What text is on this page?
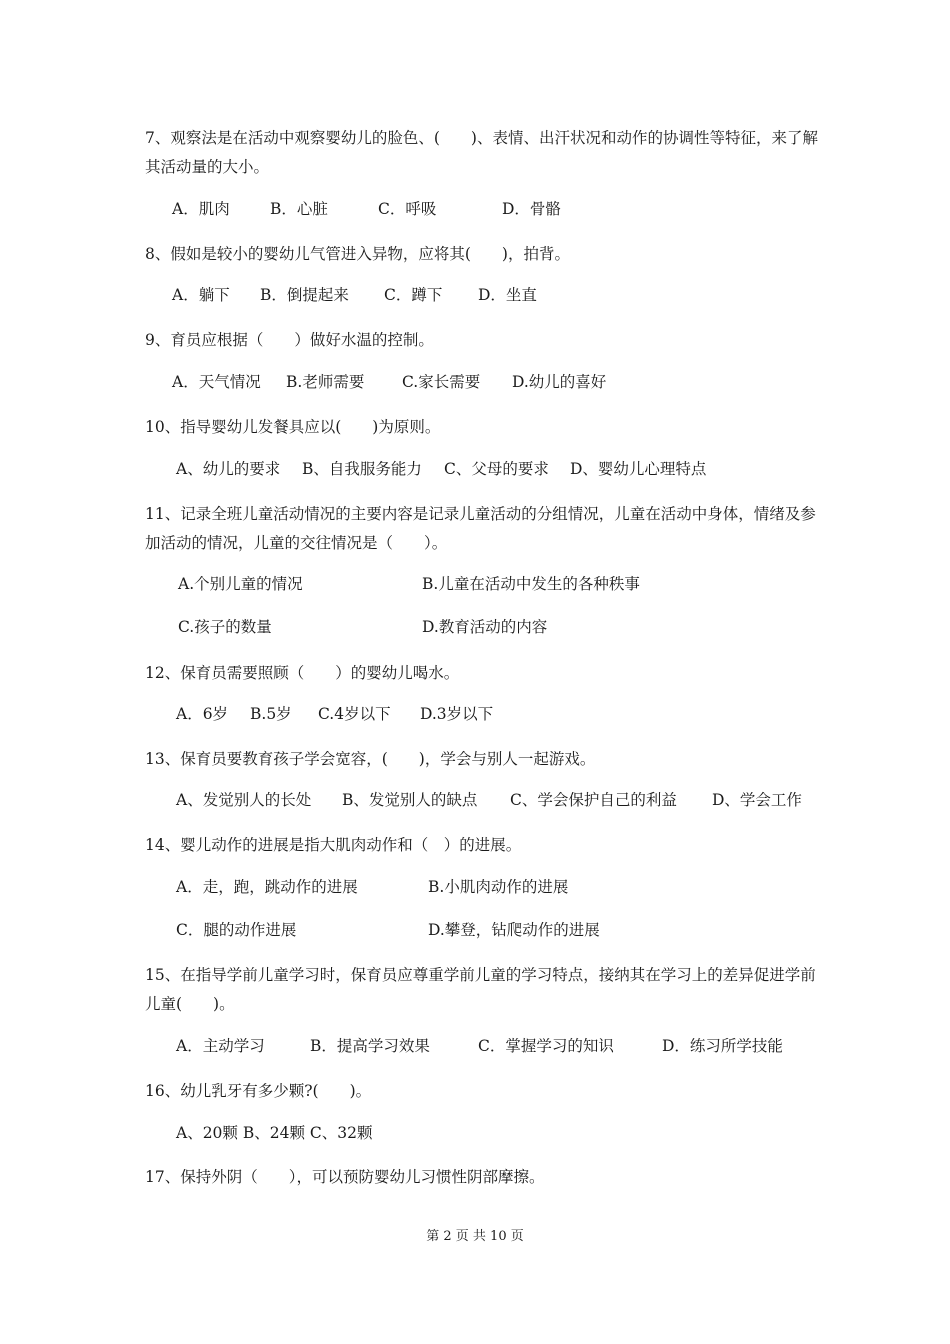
7、观察法是在活动中观察婴幼儿的脸色、(　　)、表情、出汗状况和动作的协调性等特征，来了解其活动量的大小。

A．肌肉	B．心脏	C．呼吸	D．骨骼

8、假如是较小的婴幼儿气管进入异物，应将其(　　)，拍背。

A．躺下 B．倒提起来 C．蹲下 D．坐直

9、育员应根据（　　）做好水温的控制。

A．天气情况 B.老师需要 C.家长需要 D.幼儿的喜好

10、指导婴幼儿发餐具应以(　　)为原则。

A、幼儿的要求 B、自我服务能力 C、父母的要求 D、婴幼儿心理特点

11、记录全班儿童活动情况的主要内容是记录儿童活动的分组情况，儿童在活动中身体，情绪及参加活动的情况，儿童的交往情况是（　　）。

A.个别儿童的情况	B.儿童在活动中发生的各种秩事
C.孩子的数量	D.教育活动的内容

12、保育员需要照顾（　　）的婴幼儿喝水。

A．6岁 B.5岁 C.4岁以下 D.3岁以下

13、保育员要教育孩子学会宽容，(　　)，学会与别人一起游戏。

A、发觉别人的长处 B、发觉别人的缺点 C、学会保护自己的利益 D、学会工作

14、婴儿动作的进展是指大肌肉动作和（　）的进展。

A．走，跑，跳动作的进展	B.小肌肉动作的进展
C．腿的动作进展	D.攀登，钻爬动作的进展

15、在指导学前儿童学习时，保育员应尊重学前儿童的学习特点，接纳其在学习上的差异促进学前儿童(　　)。

A．主动学习	B．提高学习效果	C．掌握学习的知识	D．练习所学技能

16、幼儿乳牙有多少颗?(　　)。

A、20颗 B、24颗 C、32颗

17、保持外阴（　　），可以预防婴幼儿习惯性阴部摩擦。

第 2 页 共 10 页
